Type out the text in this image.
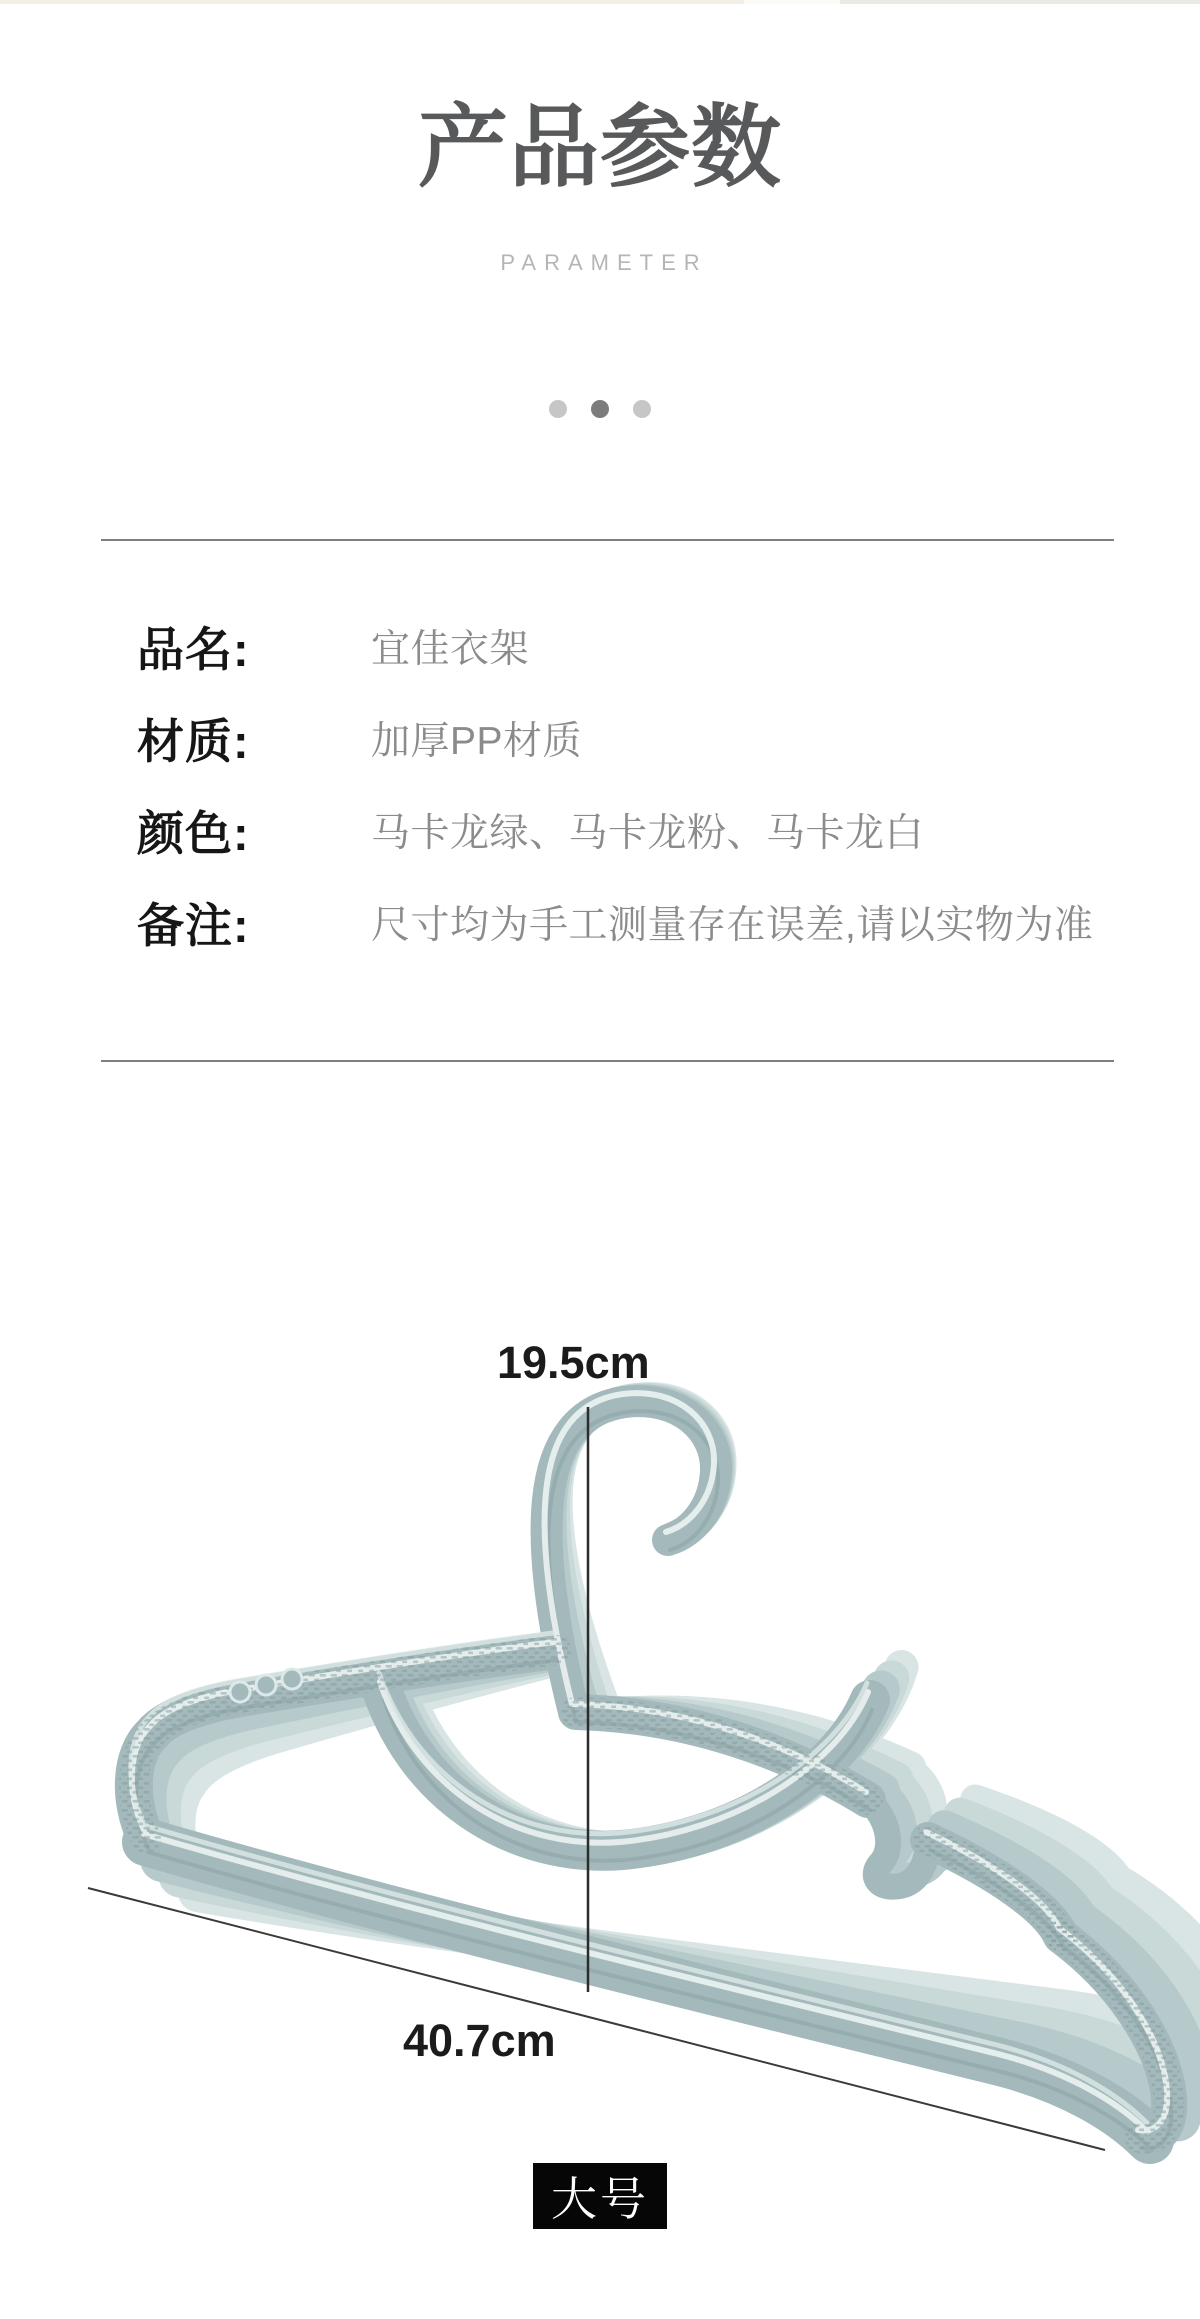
产品参数
PARAMETER
品名:	宜佳衣架
材质:	加厚PP材质
颜色:	马卡龙绿、马卡龙粉、马卡龙白
备注:	尺寸均为手工测量存在误差,请以实物为准
19.5cm
40.7cm
大号
